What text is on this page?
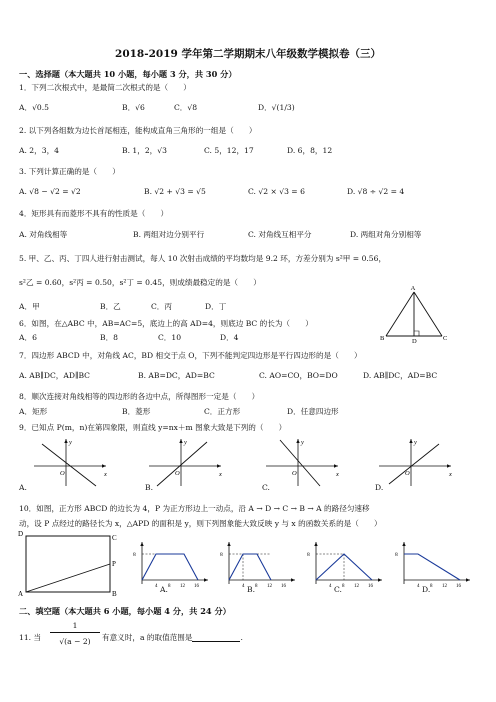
2018-2019 学年第二学期期末八年级数学模拟卷（三）
一、选择题（本大题共 10 小题，每小题 3 分，共 30 分）
1．下列二次根式中，是最简二次根式的是（　　）
A．√0.5	B．√6	C．√8	D．√(1/3)
2. 以下列各组数为边长首尾相连，能构成直角三角形的一组是（　　）
A. 2，3，4	B. 1，2，√3	C. 5，12，17	D. 6，8，12
3. 下列计算正确的是（　　）
A. √8 − √2 = √2	B. √2 + √3 = √5	C. √2 × √3 = 6	D. √8 ÷ √2 = 4
4．矩形具有而菱形不具有的性质是（　　）
A. 对角线相等	B. 两组对边分别平行	C. 对角线互相平分	D. 两组对角分别相等
5. 甲、乙、丙、丁四人进行射击测试，每人 10 次射击成绩的平均数均是 9.2 环，方差分别为 s²甲 = 0.56，
s²乙 = 0.60，s²丙 = 0.50，s²丁 = 0.45，则成绩最稳定的是（　　）
A．甲	B．乙	C．丙	D．丁
6．如图，在△ABC 中，AB=AC=5，底边上的高 AD=4，则底边 BC 的长为（　　）
A．6	B．8	C．10	D．4
A
B	C
D
7．四边形 ABCD 中，对角线 AC，BD 相交于点 O，下列不能判定四边形是平行四边形的是（　　）
A. AB∥DC，AD∥BC	B. AB=DC，AD=BC	C. AO=CO，BO=DO	D. AB∥DC，AD=BC
8．顺次连接对角线相等的四边形的各边中点，所得图形一定是（　　）
A．矩形	B．菱形	C．正方形	D．任意四边形
9．已知点 P(m，n)在第四象限，则直线 y=nx＋m 图象大致是下列的（　　）
y
x
O
A.
y
x
O
B.
y
x
O
C.
y
x
O
D.
10．如图，正方形 ABCD 的边长为 4，P 为正方形边上一动点，沿 A → D → C → B → A 的路径匀速移
动，设 P 点经过的路径长为 x，△APD 的面积是 y，则下列图象能大致反映 y 与 x 的函数关系的是（　　）
D	C
P
A	B
8
4 8 12 16
A.
8
4 8 12 16
B.
8
4 8 12 16
C.
8
4 8 12 16
D.
二、填空题（本大题共 6 小题，每小题 4 分，共 24 分）
11. 当
1
√(a − 2)	有意义时，a 的取值范围是	.
